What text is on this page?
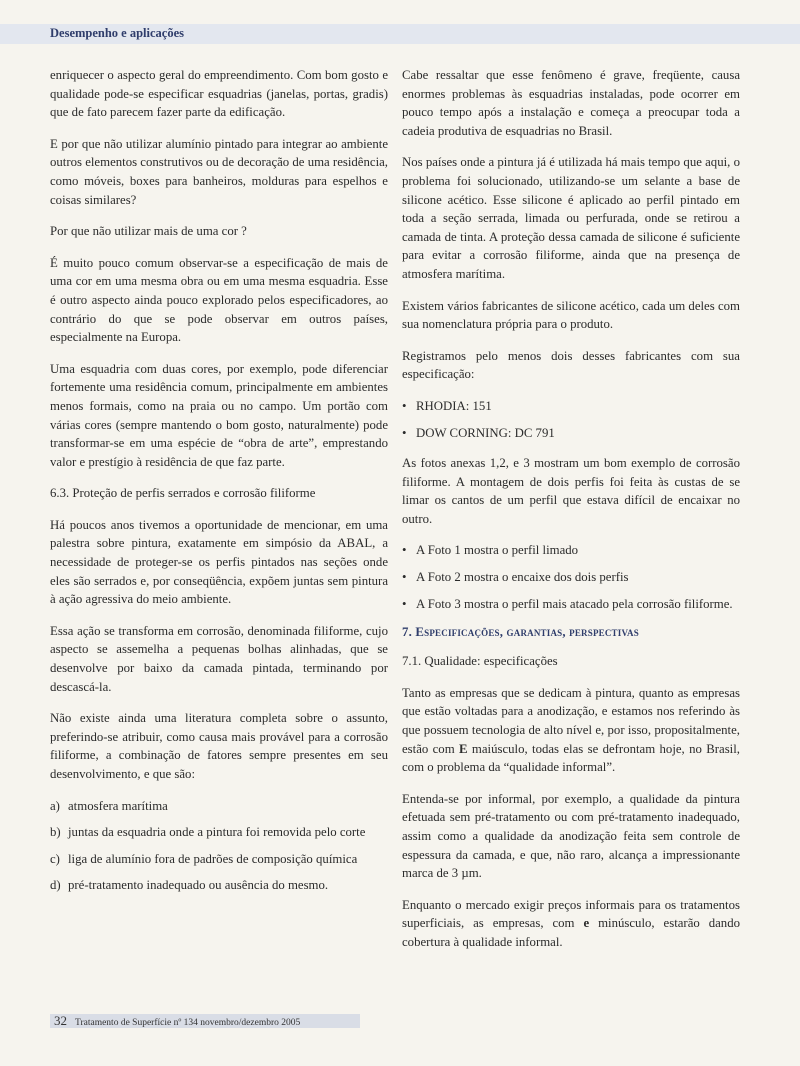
Desempenho e aplicações

enriquecer o aspecto geral do empreendimento. Com bom gosto e qualidade pode-se especificar esquadrias (janelas, portas, gradis) que de fato parecem fazer parte da edificação.

E por que não utilizar alumínio pintado para integrar ao ambiente outros elementos construtivos ou de decoração de uma residência, como móveis, boxes para banheiros, molduras para espelhos e coisas similares?

Por que não utilizar mais de uma cor ?

É muito pouco comum observar-se a especificação de mais de uma cor em uma mesma obra ou em uma mesma esquadria. Esse é outro aspecto ainda pouco explorado pelos especificadores, ao contrário do que se pode observar em outros países, especialmente na Europa.

Uma esquadria com duas cores, por exemplo, pode diferenciar fortemente uma residência comum, principalmente em ambientes menos formais, como na praia ou no campo. Um portão com várias cores (sempre mantendo o bom gosto, naturalmente) pode transformar-se em uma espécie de “obra de arte”, emprestando valor e prestígio à residência de que faz parte.

6.3. Proteção de perfis serrados e corrosão filiforme

Há poucos anos tivemos a oportunidade de mencionar, em uma palestra sobre pintura, exatamente em simpósio da ABAL, a necessidade de proteger-se os perfis pintados nas seções onde eles são serrados e, por conseqüência, expõem juntas sem pintura à ação agressiva do meio ambiente.

Essa ação se transforma em corrosão, denominada filiforme, cujo aspecto se assemelha a pequenas bolhas alinhadas, que se desenvolve por baixo da camada pintada, terminando por descascá-la.

Não existe ainda uma literatura completa sobre o assunto, preferindo-se atribuir, como causa mais provável para a corrosão filiforme, a combinação de fatores sempre presentes em seu desenvolvimento, e que são:

a) atmosfera marítima
b) juntas da esquadria onde a pintura foi removida pelo corte
c) liga de alumínio fora de padrões de composição química
d) pré-tratamento inadequado ou ausência do mesmo.

Cabe ressaltar que esse fenômeno é grave, freqüente, causa enormes problemas às esquadrias instaladas, pode ocorrer em pouco tempo após a instalação e começa a preocupar toda a cadeia produtiva de esquadrias no Brasil.

Nos países onde a pintura já é utilizada há mais tempo que aqui, o problema foi solucionado, utilizando-se um selante a base de silicone acético. Esse silicone é aplicado ao perfil pintado em toda a seção serrada, limada ou perfurada, onde se retirou a camada de tinta. A proteção dessa camada de silicone é suficiente para evitar a corrosão filiforme, ainda que na presença de atmosfera marítima.

Existem vários fabricantes de silicone acético, cada um deles com sua nomenclatura própria para o produto.

Registramos pelo menos dois desses fabricantes com sua especificação:

• RHODIA: 151
• DOW CORNING: DC 791

As fotos anexas 1,2, e 3 mostram um bom exemplo de corrosão filiforme. A montagem de dois perfis foi feita às custas de se limar os cantos de um perfil que estava difícil de encaixar no outro.

• A Foto 1 mostra o perfil limado
• A Foto 2 mostra o encaixe dos dois perfis
• A Foto 3 mostra o perfil mais atacado pela corrosão filiforme.
7. Especificações, garantias, perspectivas
7.1. Qualidade: especificações

Tanto as empresas que se dedicam à pintura, quanto as empresas que estão voltadas para a anodização, e estamos nos referindo às que possuem tecnologia de alto nível e, por isso, propositalmente, estão com E maiúsculo, todas elas se defrontam hoje, no Brasil, com o problema da “qualidade informal”.

Entenda-se por informal, por exemplo, a qualidade da pintura efetuada sem pré-tratamento ou com pré-tratamento inadequado, assim como a qualidade da anodização feita sem controle de espessura da camada, e que, não raro, alcança a impressionante marca de 3 µm.

Enquanto o mercado exigir preços informais para os tratamentos superficiais, as empresas, com e minúsculo, estarão dando cobertura à qualidade informal.

32 Tratamento de Superfície nº 134 novembro/dezembro 2005
